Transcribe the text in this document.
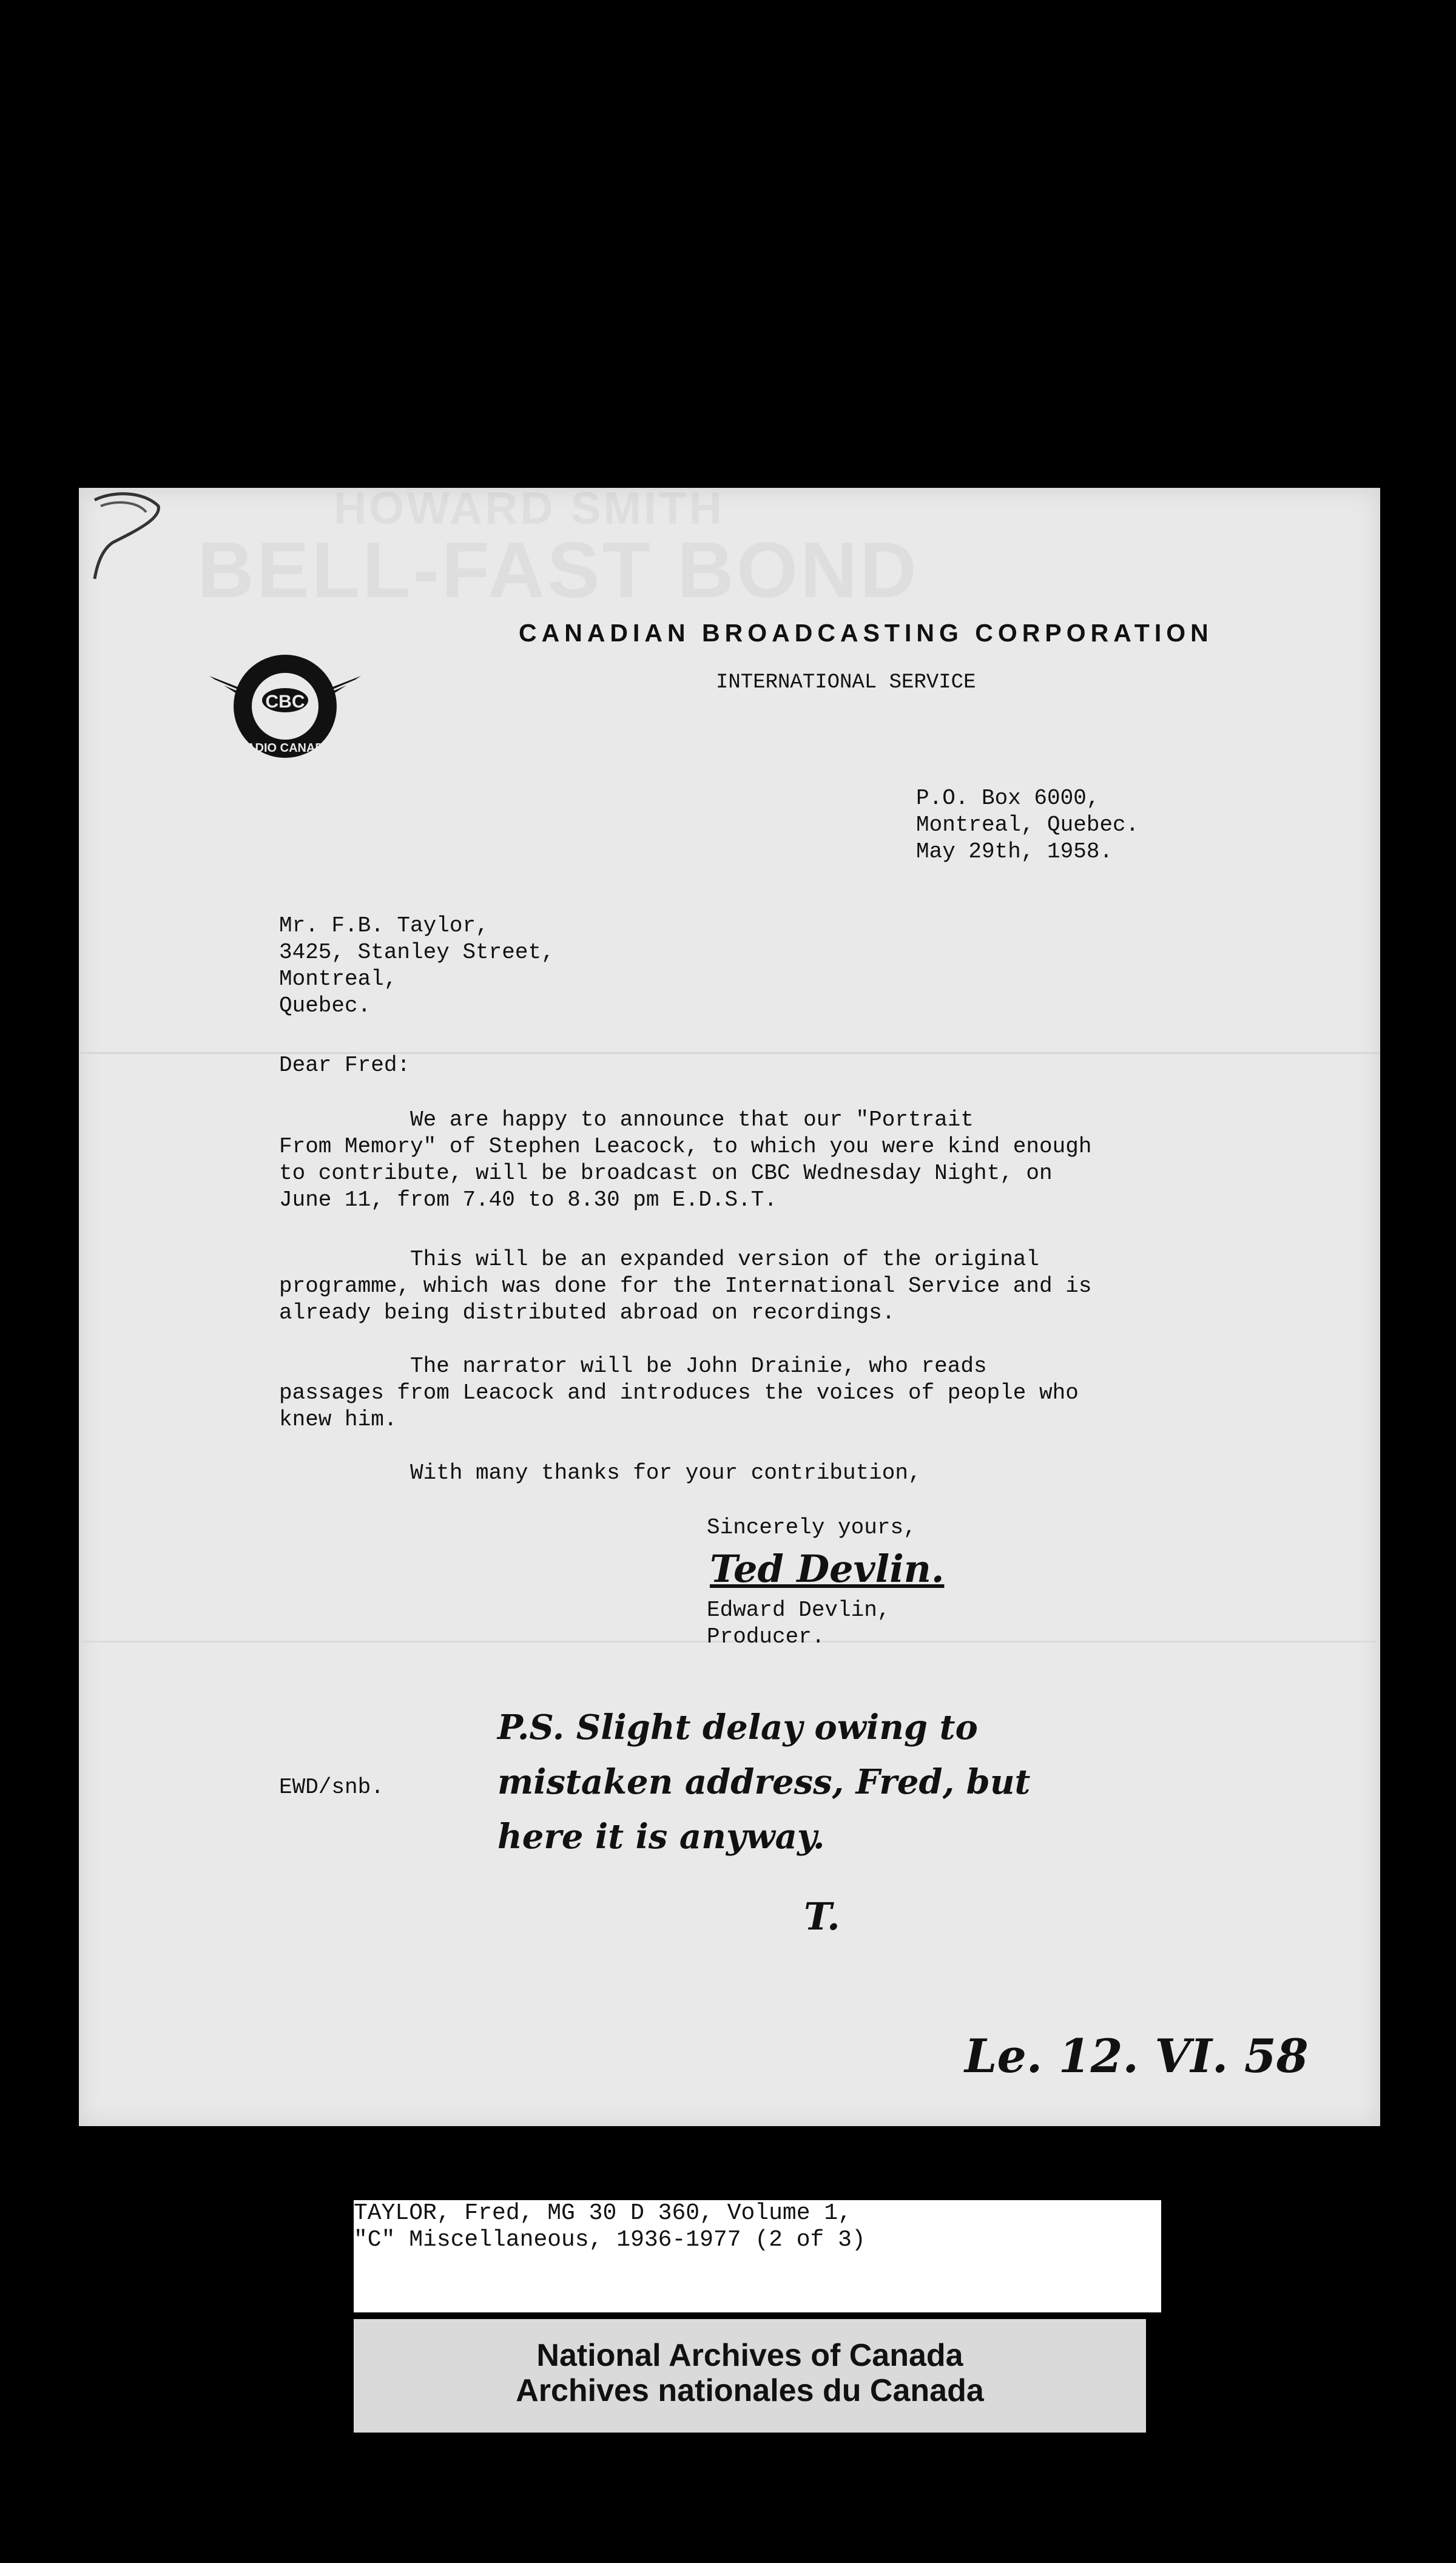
CBC
RADIO CANADA
CANADIAN BROADCASTING CORPORATION
INTERNATIONAL SERVICE
P.O. Box 6000,
Montreal, Quebec.
May 29th, 1958.
Mr. F.B. Taylor,
3425, Stanley Street,
Montreal,
Quebec.
Dear Fred:
We are happy to announce that our "Portrait
From Memory" of Stephen Leacock, to which you were kind enough
to contribute, will be broadcast on CBC Wednesday Night, on
June 11, from 7.40 to 8.30 pm E.D.S.T.
This will be an expanded version of the original
programme, which was done for the International Service and is
already being distributed abroad on recordings.
The narrator will be John Drainie, who reads
passages from Leacock and introduces the voices of people who
knew him.
With many thanks for your contribution,
Sincerely yours,
Ted Devlin.
Edward Devlin,
Producer.
EWD/snb.
P.S. Slight delay owing to
mistaken address, Fred, but
here it is anyway.
T.
Le. 12. VI. 58
TAYLOR, Fred, MG 30 D 360, Volume 1,
"C" Miscellaneous, 1936-1977 (2 of 3)
National Archives of Canada
Archives nationales du Canada
